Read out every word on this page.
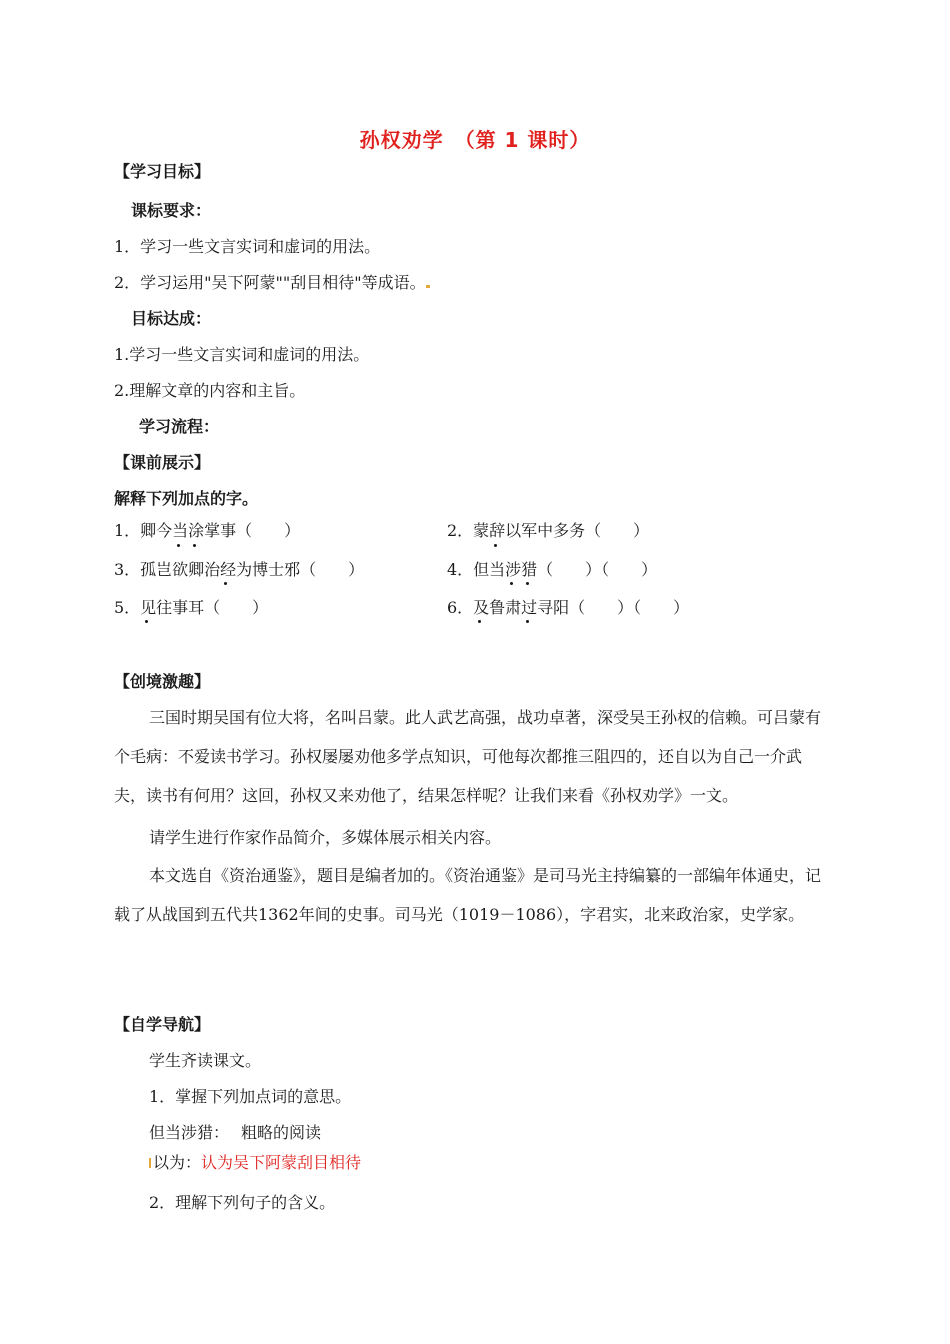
孙权劝学　（第 1 课时）
【学习目标】
课标要求：
1．学习一些文言实词和虚词的用法。
2．学习运用"吴下阿蒙""刮目相待"等成语。
目标达成：
1.学习一些文言实词和虚词的用法。
2.理解文章的内容和主旨。
学习流程：
【课前展示】
解释下列加点的字。
1．卿今当涂掌事（　　）	2．蒙辞以军中多务（　　）
3．孤岂欲卿治经为博士邪（　　）	4．但当涉猎（　　）（　　）
5．见往事耳（　　）	6．及鲁肃过寻阳（　　）（　　）
【创境激趣】
三国时期吴国有位大将，名叫吕蒙。此人武艺高强，战功卓著，深受吴王孙权的信赖。可吕蒙有个毛病：不爱读书学习。孙权屡屡劝他多学点知识，可他每次都推三阻四的，还自以为自己一介武夫，读书有何用？这回，孙权又来劝他了，结果怎样呢？让我们来看《孙权劝学》一文。
请学生进行作家作品简介，多媒体展示相关内容。
本文选自《资治通鉴》，题目是编者加的。《资治通鉴》是司马光主持编纂的一部编年体通史，记载了从战国到五代共1362年间的史事。司马光（1019－1086），字君实，北来政治家，史学家。
【自学导航】
学生齐读课文。
1．掌握下列加点词的意思。
但当涉猎： 粗略的阅读
以为：认为吴下阿蒙刮目相待
2．理解下列句子的含义。
